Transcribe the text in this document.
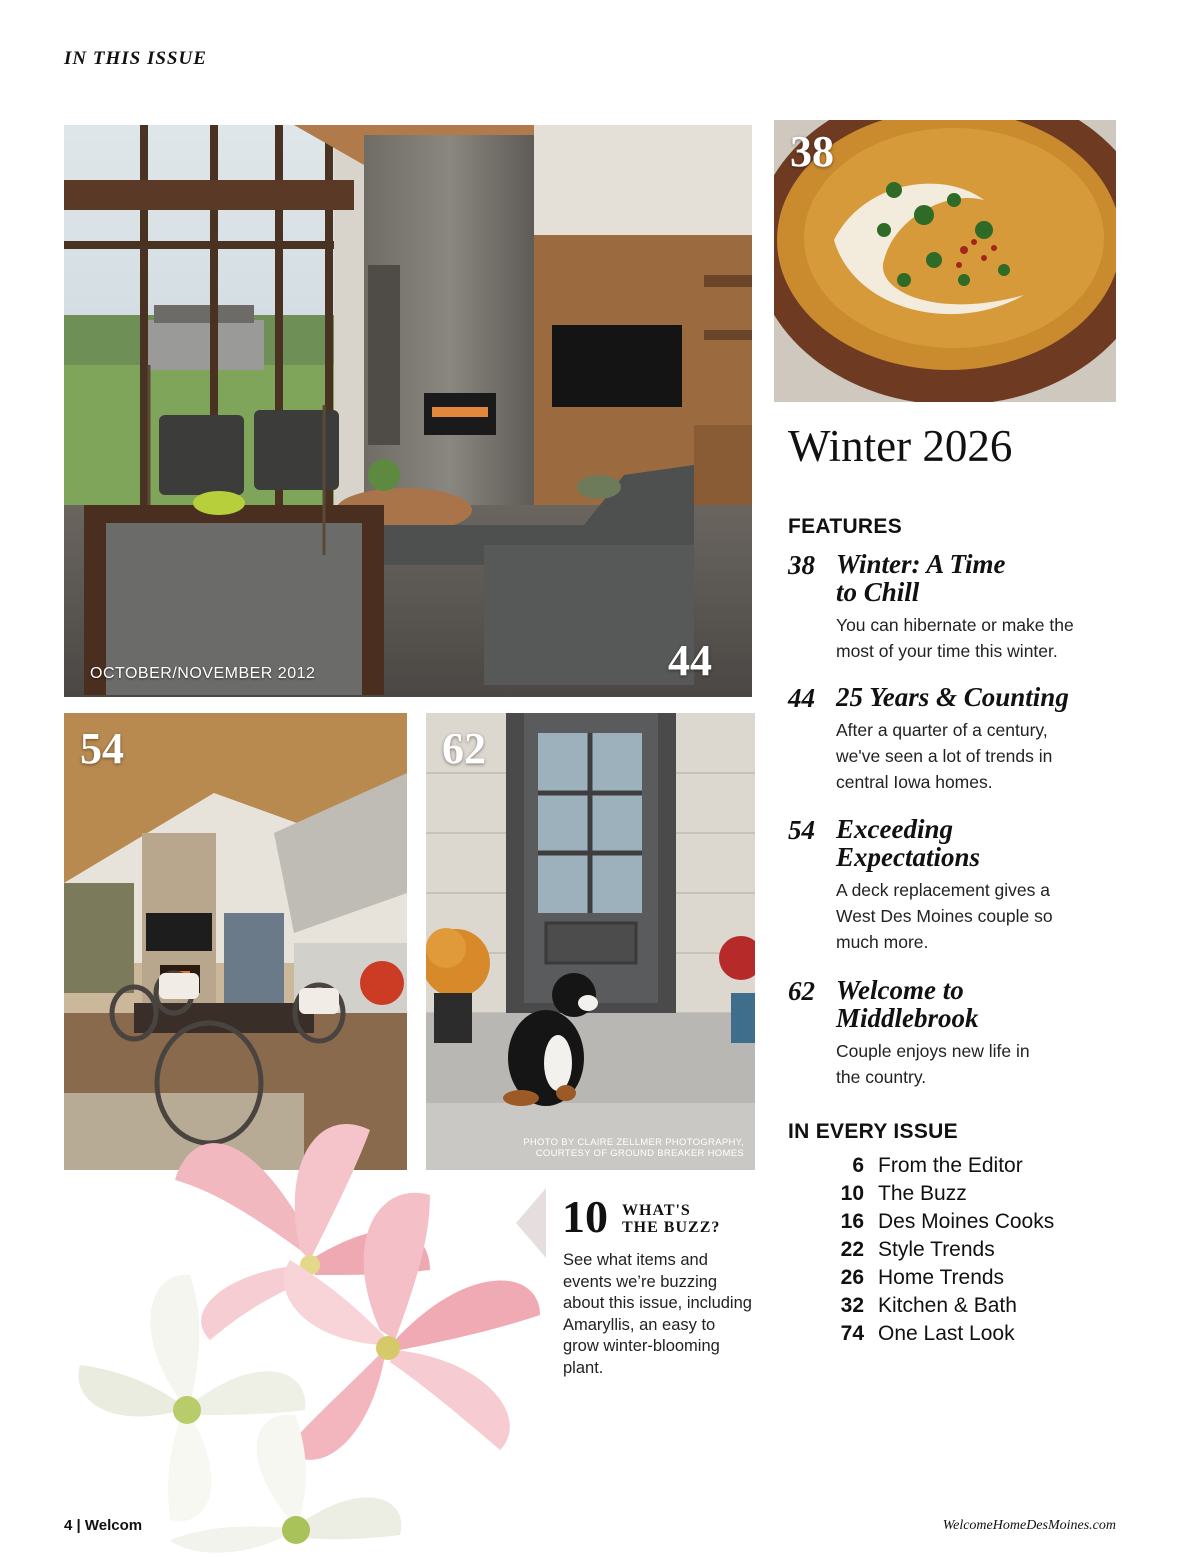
IN THIS ISSUE
OCTOBER/NOVEMBER 2012	44
38
54	62
PHOTO BY CLAIRE ZELLMER PHOTOGRAPHY,
COURTESY OF GROUND BREAKER HOMES
10 WHAT'S
THE BUZZ?
See what items and events we’re buzzing about this issue, including Amaryllis, an easy to grow winter-blooming plant.
Winter 2026
FEATURES
38 Winter: A Time
to Chill
You can hibernate or make the
most of your time this winter.
44 25 Years & Counting
After a quarter of a century,
we've seen a lot of trends in
central Iowa homes.
54 Exceeding
Expectations
A deck replacement gives a
West Des Moines couple so
much more.
62 Welcome to
Middlebrook
Couple enjoys new life in
the country.
IN EVERY ISSUE
6 From the Editor
10 The Buzz
16 Des Moines Cooks
22 Style Trends
26 Home Trends
32 Kitchen & Bath
74 One Last Look
4 | Welcom	WelcomeHomeDesMoines.com
